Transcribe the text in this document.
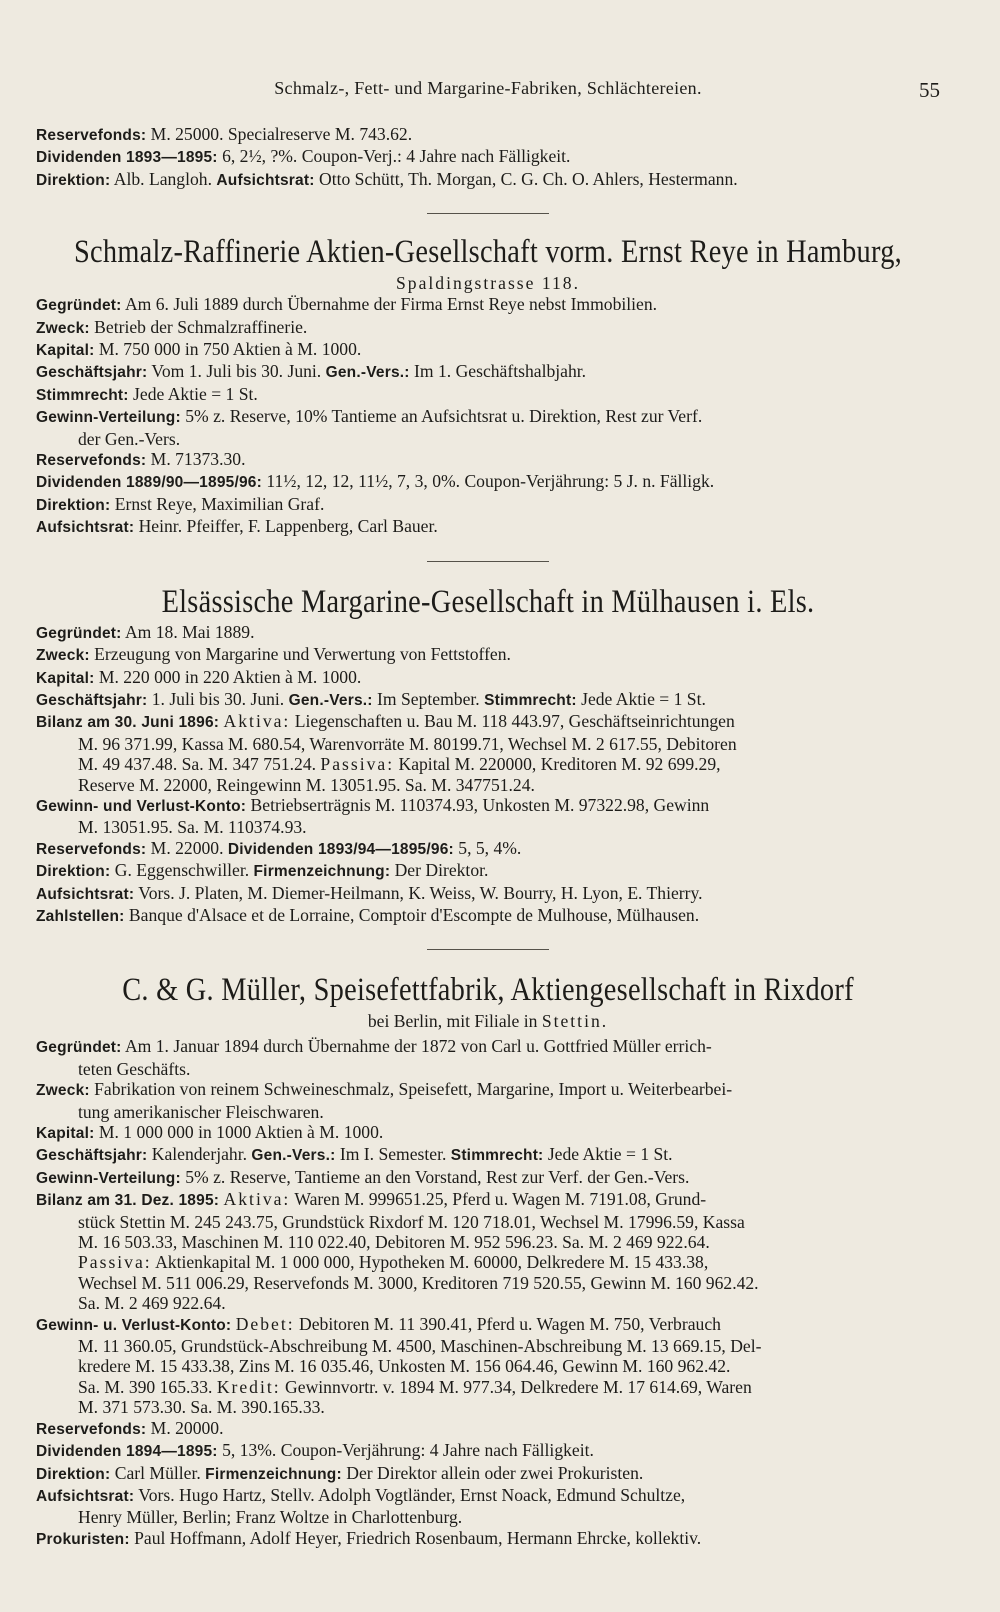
Schmalz-, Fett- und Margarine-Fabriken, Schlächtereien.	55

Reservefonds: M. 25000. Specialreserve M. 743.62.

Dividenden 1893—1895: 6, 2½, ?%. Coupon-Verj.: 4 Jahre nach Fälligkeit.

Direktion: Alb. Langloh. Aufsichtsrat: Otto Schütt, Th. Morgan, C. G. Ch. O. Ahlers, Hestermann.

Schmalz-Raffinerie Aktien-Gesellschaft vorm. Ernst Reye in Hamburg,
Spaldingstrasse 118.

Gegründet: Am 6. Juli 1889 durch Übernahme der Firma Ernst Reye nebst Immobilien.

Zweck: Betrieb der Schmalzraffinerie.

Kapital: M. 750 000 in 750 Aktien à M. 1000.

Geschäftsjahr: Vom 1. Juli bis 30. Juni. Gen.-Vers.: Im 1. Geschäftshalbjahr.

Stimmrecht: Jede Aktie = 1 St.

Gewinn-Verteilung: 5% z. Reserve, 10% Tantieme an Aufsichtsrat u. Direktion, Rest zur Verf.

der Gen.-Vers.

Reservefonds: M. 71373.30.

Dividenden 1889/90—1895/96: 11½, 12, 12, 11½, 7, 3, 0%. Coupon-Verjährung: 5 J. n. Fälligk.

Direktion: Ernst Reye, Maximilian Graf.

Aufsichtsrat: Heinr. Pfeiffer, F. Lappenberg, Carl Bauer.

Elsässische Margarine-Gesellschaft in Mülhausen i. Els.

Gegründet: Am 18. Mai 1889.

Zweck: Erzeugung von Margarine und Verwertung von Fettstoffen.

Kapital: M. 220 000 in 220 Aktien à M. 1000.

Geschäftsjahr: 1. Juli bis 30. Juni. Gen.-Vers.: Im September. Stimmrecht: Jede Aktie = 1 St.

Bilanz am 30. Juni 1896: Aktiva: Liegenschaften u. Bau M. 118 443.97, Geschäftseinrichtungen

M. 96 371.99, Kassa M. 680.54, Warenvorräte M. 80199.71, Wechsel M. 2 617.55, Debitoren

M. 49 437.48. Sa. M. 347 751.24. Passiva: Kapital M. 220000, Kreditoren M. 92 699.29,

Reserve M. 22000, Reingewinn M. 13051.95. Sa. M. 347751.24.

Gewinn- und Verlust-Konto: Betriebserträgnis M. 110374.93, Unkosten M. 97322.98, Gewinn

M. 13051.95. Sa. M. 110374.93.

Reservefonds: M. 22000. Dividenden 1893/94—1895/96: 5, 5, 4%.

Direktion: G. Eggenschwiller. Firmenzeichnung: Der Direktor.

Aufsichtsrat: Vors. J. Platen, M. Diemer-Heilmann, K. Weiss, W. Bourry, H. Lyon, E. Thierry.

Zahlstellen: Banque d'Alsace et de Lorraine, Comptoir d'Escompte de Mulhouse, Mülhausen.

C. & G. Müller, Speisefettfabrik, Aktiengesellschaft in Rixdorf
bei Berlin, mit Filiale in Stettin.

Gegründet: Am 1. Januar 1894 durch Übernahme der 1872 von Carl u. Gottfried Müller errich-

teten Geschäfts.

Zweck: Fabrikation von reinem Schweineschmalz, Speisefett, Margarine, Import u. Weiterbearbei-

tung amerikanischer Fleischwaren.

Kapital: M. 1 000 000 in 1000 Aktien à M. 1000.

Geschäftsjahr: Kalenderjahr. Gen.-Vers.: Im I. Semester. Stimmrecht: Jede Aktie = 1 St.

Gewinn-Verteilung: 5% z. Reserve, Tantieme an den Vorstand, Rest zur Verf. der Gen.-Vers.

Bilanz am 31. Dez. 1895: Aktiva: Waren M. 999651.25, Pferd u. Wagen M. 7191.08, Grund-

stück Stettin M. 245 243.75, Grundstück Rixdorf M. 120 718.01, Wechsel M. 17996.59, Kassa

M. 16 503.33, Maschinen M. 110 022.40, Debitoren M. 952 596.23. Sa. M. 2 469 922.64.

Passiva: Aktienkapital M. 1 000 000, Hypotheken M. 60000, Delkredere M. 15 433.38,

Wechsel M. 511 006.29, Reservefonds M. 3000, Kreditoren 719 520.55, Gewinn M. 160 962.42.

Sa. M. 2 469 922.64.

Gewinn- u. Verlust-Konto: Debet: Debitoren M. 11 390.41, Pferd u. Wagen M. 750, Verbrauch

M. 11 360.05, Grundstück-Abschreibung M. 4500, Maschinen-Abschreibung M. 13 669.15, Del-

kredere M. 15 433.38, Zins M. 16 035.46, Unkosten M. 156 064.46, Gewinn M. 160 962.42.

Sa. M. 390 165.33. Kredit: Gewinnvortr. v. 1894 M. 977.34, Delkredere M. 17 614.69, Waren

M. 371 573.30. Sa. M. 390.165.33.

Reservefonds: M. 20000.

Dividenden 1894—1895: 5, 13%. Coupon-Verjährung: 4 Jahre nach Fälligkeit.

Direktion: Carl Müller. Firmenzeichnung: Der Direktor allein oder zwei Prokuristen.

Aufsichtsrat: Vors. Hugo Hartz, Stellv. Adolph Vogtländer, Ernst Noack, Edmund Schultze,

Henry Müller, Berlin; Franz Woltze in Charlottenburg.

Prokuristen: Paul Hoffmann, Adolf Heyer, Friedrich Rosenbaum, Hermann Ehrcke, kollektiv.
